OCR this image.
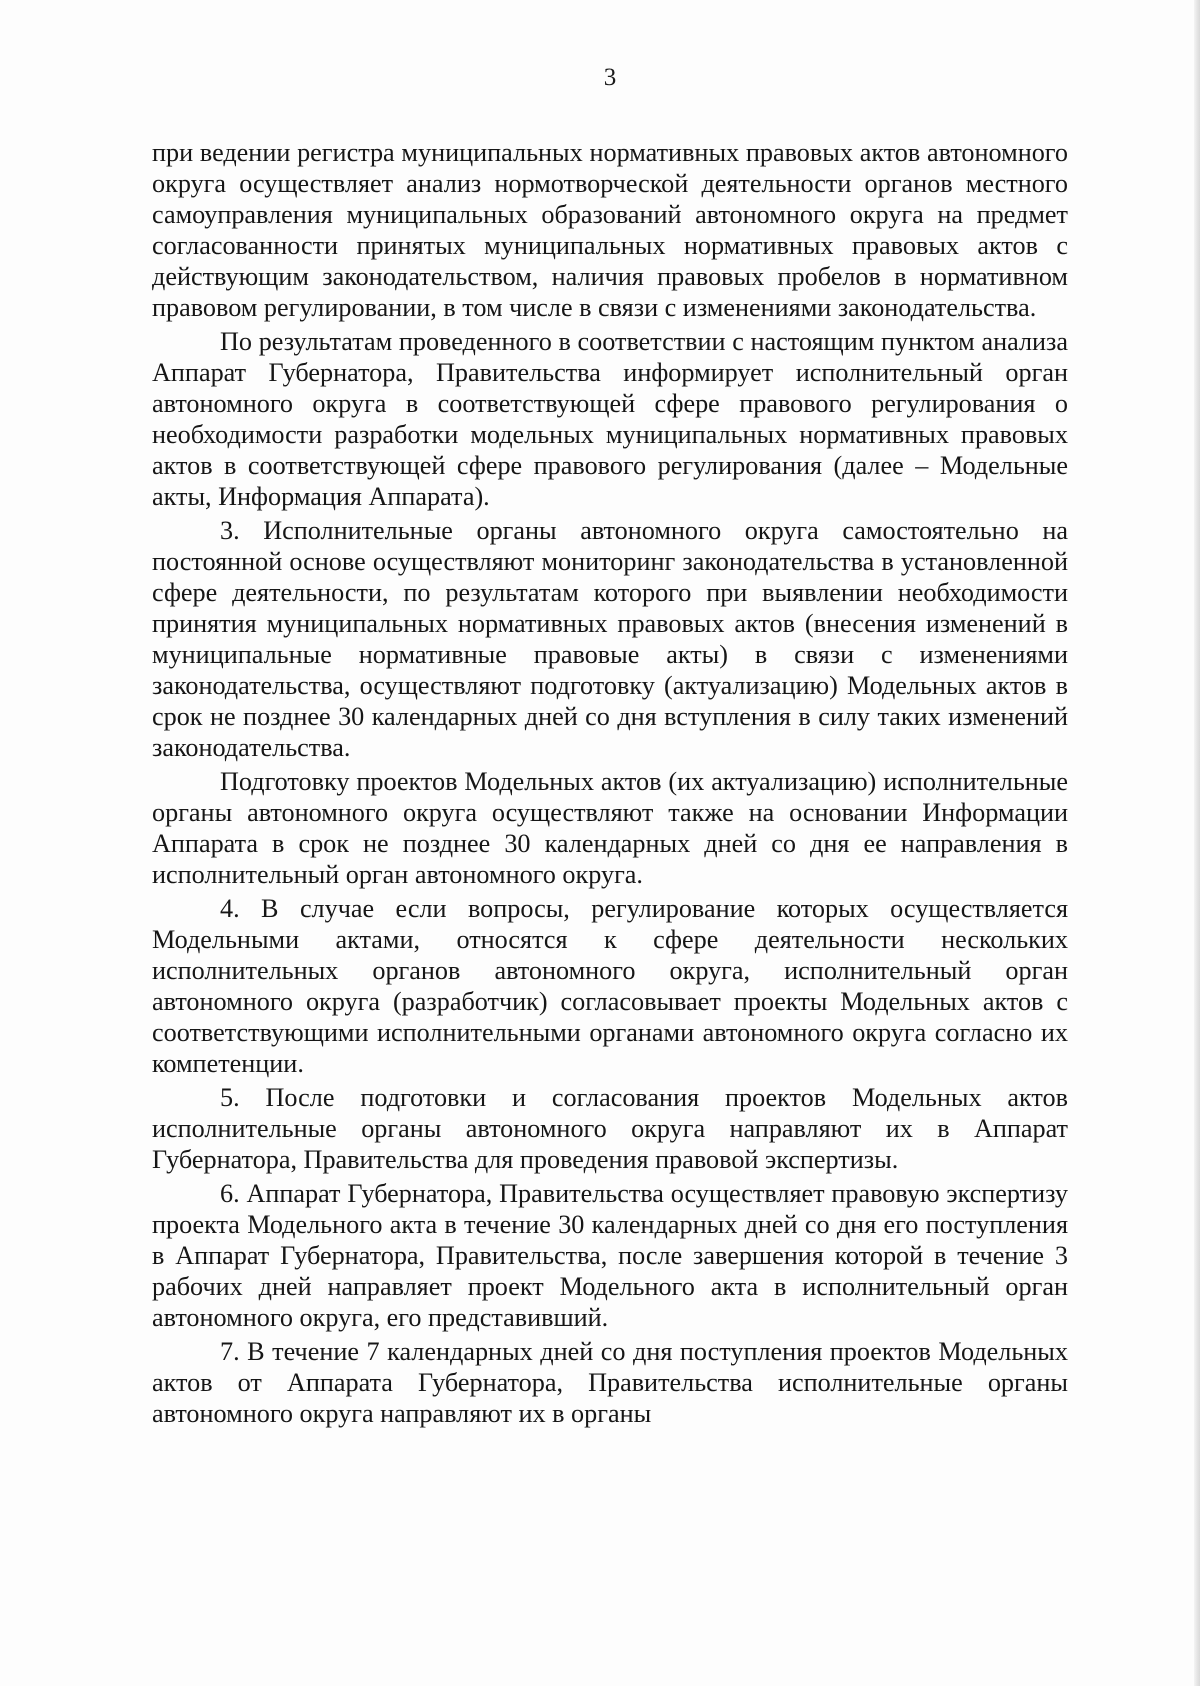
3

при ведении регистра муниципальных нормативных правовых актов автономного округа осуществляет анализ нормотворческой деятельности органов местного самоуправления муниципальных образований автономного округа на предмет согласованности принятых муниципальных нормативных правовых актов с действующим законодательством, наличия правовых пробелов в нормативном правовом регулировании, в том числе в связи с изменениями законодательства.

По результатам проведенного в соответствии с настоящим пунктом анализа Аппарат Губернатора, Правительства информирует исполнительный орган автономного округа в соответствующей сфере правового регулирования о необходимости разработки модельных муниципальных нормативных правовых актов в соответствующей сфере правового регулирования (далее – Модельные акты, Информация Аппарата).

3. Исполнительные органы автономного округа самостоятельно на постоянной основе осуществляют мониторинг законодательства в установленной сфере деятельности, по результатам которого при выявлении необходимости принятия муниципальных нормативных правовых актов (внесения изменений в муниципальные нормативные правовые акты) в связи с изменениями законодательства, осуществляют подготовку (актуализацию) Модельных актов в срок не позднее 30 календарных дней со дня вступления в силу таких изменений законодательства.

Подготовку проектов Модельных актов (их актуализацию) исполнительные органы автономного округа осуществляют также на основании Информации Аппарата в срок не позднее 30 календарных дней со дня ее направления в исполнительный орган автономного округа.

4. В случае если вопросы, регулирование которых осуществляется Модельными актами, относятся к сфере деятельности нескольких исполнительных органов автономного округа, исполнительный орган автономного округа (разработчик) согласовывает проекты Модельных актов с соответствующими исполнительными органами автономного округа согласно их компетенции.

5. После подготовки и согласования проектов Модельных актов исполнительные органы автономного округа направляют их в Аппарат Губернатора, Правительства для проведения правовой экспертизы.

6. Аппарат Губернатора, Правительства осуществляет правовую экспертизу проекта Модельного акта в течение 30 календарных дней со дня его поступления в Аппарат Губернатора, Правительства, после завершения которой в течение 3 рабочих дней направляет проект Модельного акта в исполнительный орган автономного округа, его представивший.

7. В течение 7 календарных дней со дня поступления проектов Модельных актов от Аппарата Губернатора, Правительства исполнительные органы автономного округа направляют их в органы
